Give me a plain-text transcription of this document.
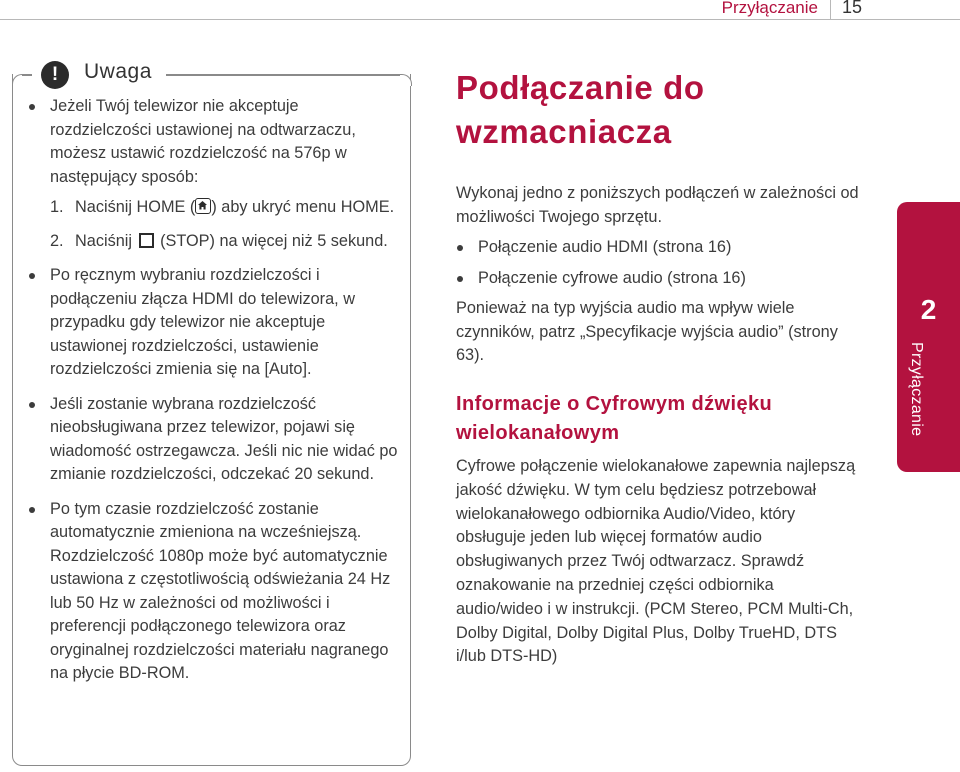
Przyłączanie 15
!	Uwaga

Jeżeli Twój telewizor nie akceptuje rozdzielczości ustawionej na odtwarzaczu, możesz ustawić rozdzielczość na 576p w następujący sposób:

1. Naciśnij HOME ( ) aby ukryć menu HOME.

2. Naciśnij (STOP) na więcej niż 5 sekund.

Po ręcznym wybraniu rozdzielczości i podłączeniu złącza HDMI do telewizora, w przypadku gdy telewizor nie akceptuje ustawionej rozdzielczości, ustawienie rozdzielczości zmienia się na [Auto].

Jeśli zostanie wybrana rozdzielczość nieobsługiwana przez telewizor, pojawi się wiadomość ostrzegawcza. Jeśli nic nie widać po zmianie rozdzielczości, odczekać 20 sekund.

Po tym czasie rozdzielczość zostanie automatycznie zmieniona na wcześniejszą. Rozdzielczość 1080p może być automatycznie ustawiona z częstotliwością odświeżania 24 Hz lub 50 Hz w zależności od możliwości i preferencji podłączonego telewizora oraz oryginalnej rozdzielczości materiału nagranego na płycie BD-ROM.

Podłączanie do wzmacniacza
Wykonaj jedno z poniższych podłączeń w zależności od możliwości Twojego sprzętu.

Połączenie audio HDMI (strona 16)

Połączenie cyfrowe audio (strona 16)

Ponieważ na typ wyjścia audio ma wpływ wiele czynników, patrz „Specyfikacje wyjścia audio” (strony 63).
Informacje o Cyfrowym dźwięku wielokanałowym
Cyfrowe połączenie wielokanałowe zapewnia najlepszą jakość dźwięku. W tym celu będziesz potrzebował wielokanałowego odbiornika Audio/Video, który obsługuje jeden lub więcej formatów audio obsługiwanych przez Twój odtwarzacz. Sprawdź oznakowanie na przedniej części odbiornika audio/wideo i w instrukcji. (PCM Stereo, PCM Multi-Ch, Dolby Digital, Dolby Digital Plus, Dolby TrueHD, DTS i/lub DTS-HD)
2
Przyłączanie
